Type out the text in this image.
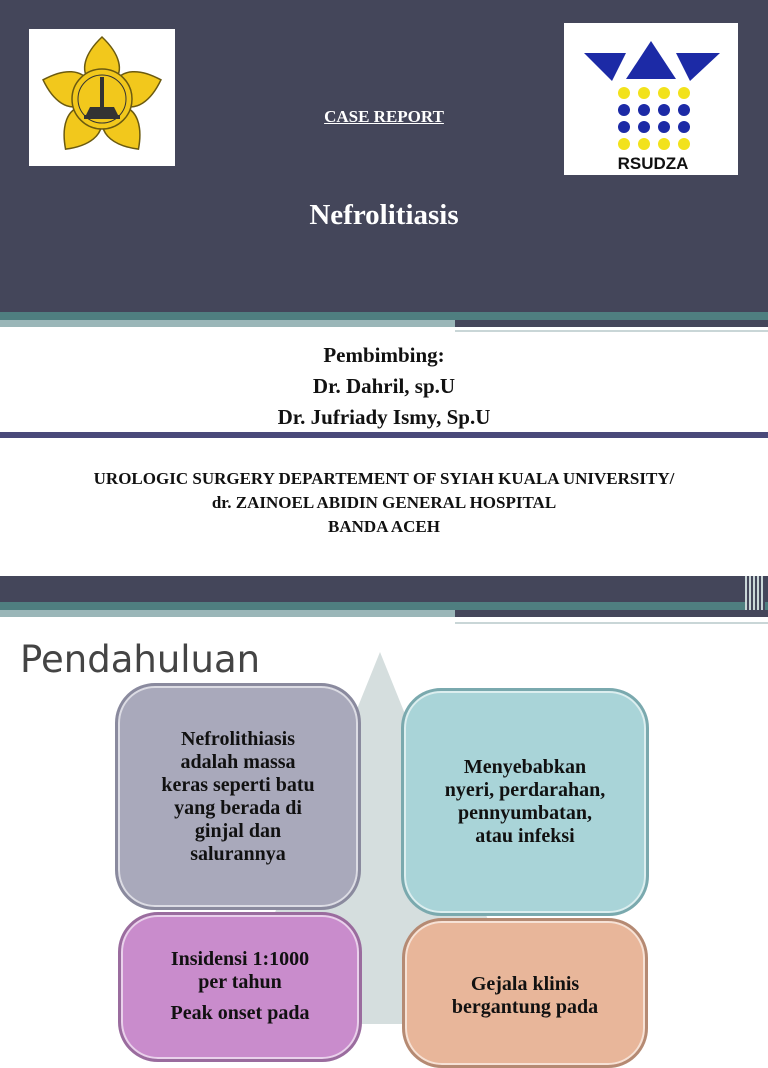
RSUDZA
CASE REPORT
Nefrolitiasis
Pembimbing:
Dr. Dahril, sp.U
Dr. Jufriady Ismy, Sp.U
UROLOGIC SURGERY DEPARTEMENT OF SYIAH KUALA UNIVERSITY/
dr. ZAINOEL ABIDIN GENERAL HOSPITAL
BANDA ACEH
Pendahuluan
Nefrolithiasis
adalah massa
keras seperti batu
yang berada di
ginjal dan
salurannya
Menyebabkan
nyeri, perdarahan,
pennyumbatan,
atau infeksi
Insidensi 1:1000
per tahun
Peak onset pada
Gejala klinis
bergantung pada
